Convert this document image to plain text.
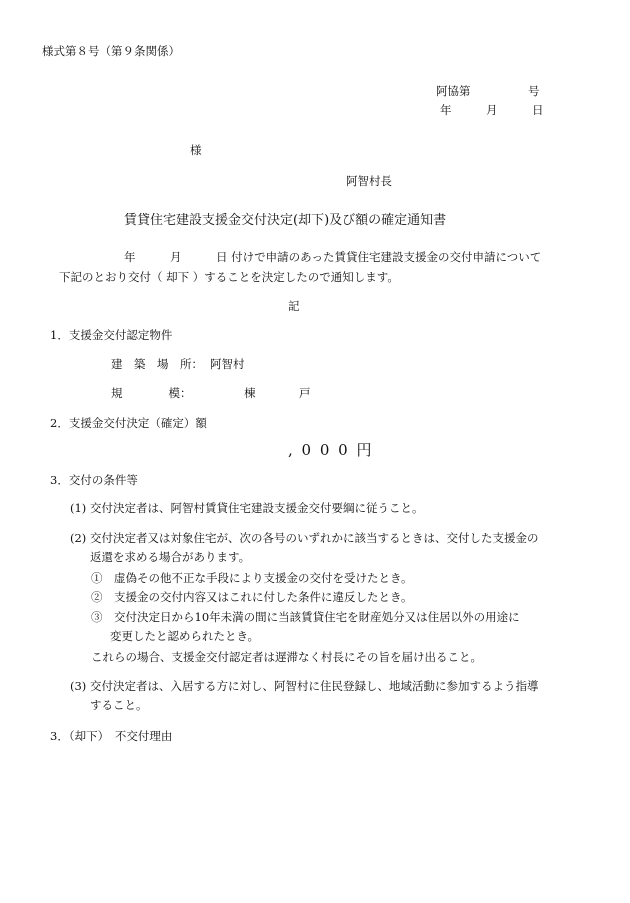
様式第８号（第９条関係）
阿協第　　　　　号
年　　　月　　　日
様
阿智村長
賃貸住宅建設支援金交付決定(却下)及び額の確定通知書
年　　　月　　　日 付けで申請のあった賃貸住宅建設支援金の交付申請について
下記のとおり交付（ 却下 ）することを決定したので通知します。
記
1．支援金交付認定物件
建　築　場　所： 阿智村
規　　　　模：	棟	戸
2．支援金交付決定（確定）額
, 0 0 0 円
3．交付の条件等
(1) 交付決定者は、阿智村賃貸住宅建設支援金交付要綱に従うこと。
(2) 交付決定者又は対象住宅が、次の各号のいずれかに該当するときは、交付した支援金の
返還を求める場合があります。
①　虚偽その他不正な手段により支援金の交付を受けたとき。
②　支援金の交付内容又はこれに付した条件に違反したとき。
③　交付決定日から10年未満の間に当該賃貸住宅を財産処分又は住居以外の用途に
変更したと認められたとき。
これらの場合、支援金交付認定者は遅滞なく村長にその旨を届け出ること。
(3) 交付決定者は、入居する方に対し、阿智村に住民登録し、地域活動に参加するよう指導
すること。
3．（却下）　不交付理由
